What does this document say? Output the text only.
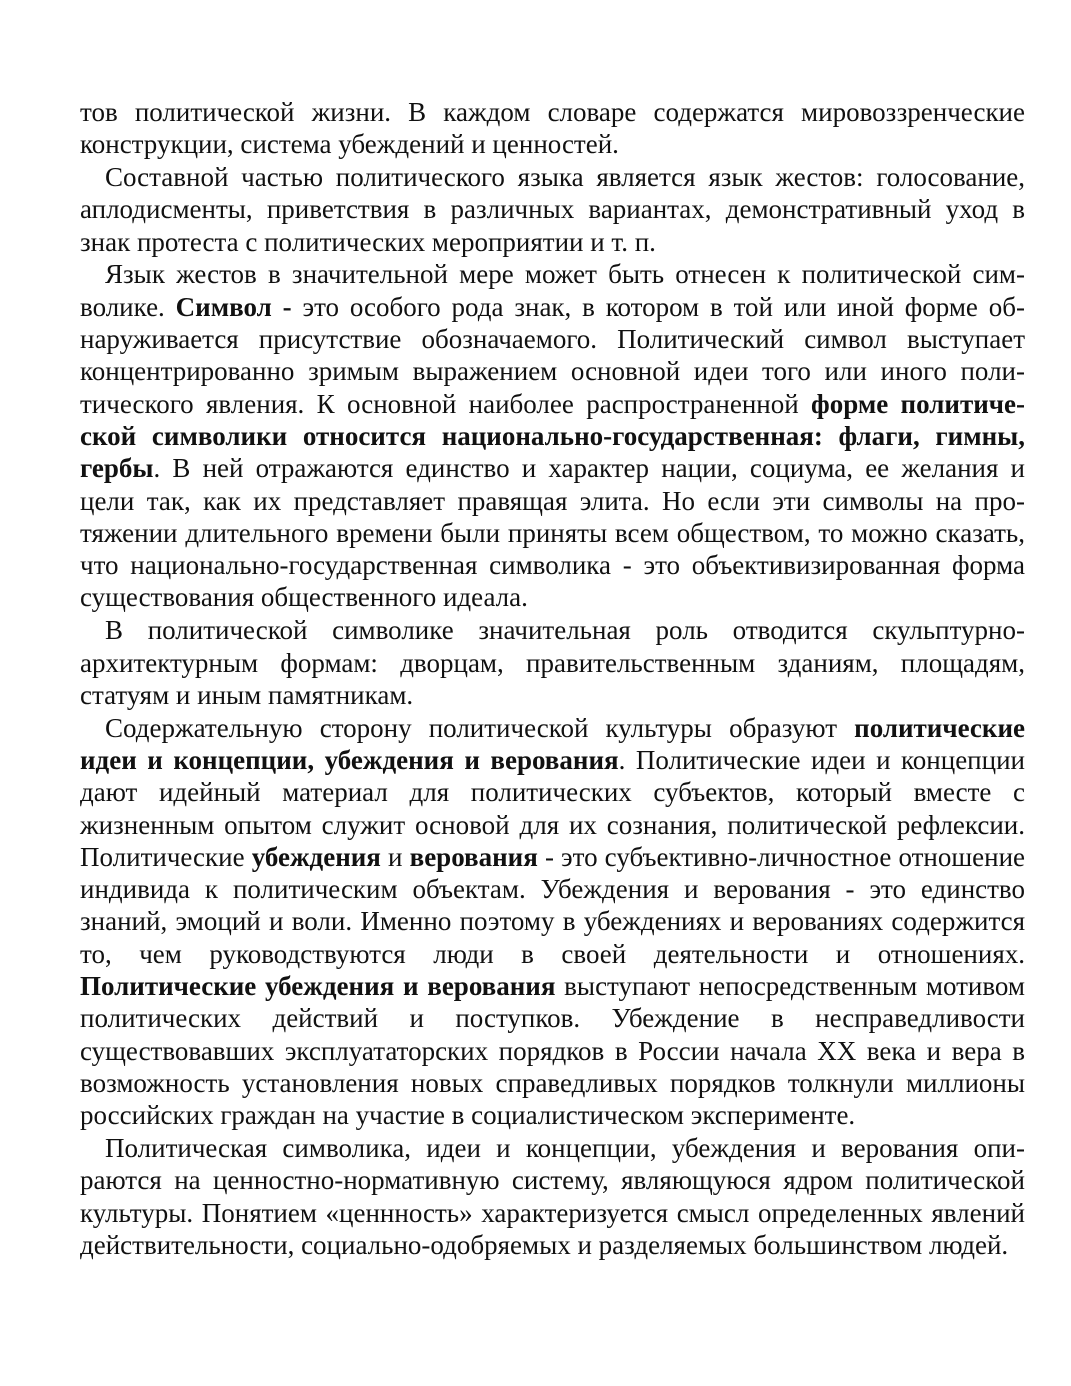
тов политической жизни. В каждом словаре содержатся мировоззренческие конструкции, система убеждений и ценностей.

Составной частью политического языка является язык жестов: голосование, аплодисменты, приветствия в различных вариантах, демонстративный уход в знак протеста с политических мероприятии и т. п.

Язык жестов в значительной мере может быть отнесен к политической символике. Символ - это особого рода знак, в котором в той или иной форме обнаруживается присутствие обозначаемого. Политический символ выступает концентрированно зримым выражением основной идеи того или иного политического явления. К основной наиболее распространенной форме политической символики относится национально-государственная: флаги, гимны, гербы. В ней отражаются единство и характер нации, социума, ее желания и цели так, как их представляет правящая элита. Но если эти символы на протяжении длительного времени были приняты всем обществом, то можно сказать, что национально-государственная символика - это объективизированная форма существования общественного идеала.

В политической символике значительная роль отводится скульптурно-архитектурным формам: дворцам, правительственным зданиям, площадям, статуям и иным памятникам.

Содержательную сторону политической культуры образуют политические идеи и концепции, убеждения и верования. Политические идеи и концепции дают идейный материал для политических субъектов, который вместе с жизненным опытом служит основой для их сознания, политической рефлексии. Политические убеждения и верования - это субъективно-личностное отношение индивида к политическим объектам. Убеждения и верования - это единство знаний, эмоций и воли. Именно поэтому в убеждениях и верованиях содержится то, чем руководствуются люди в своей деятельности и отношениях. Политические убеждения и верования выступают непосредственным мотивом политических действий и поступков. Убеждение в несправедливости существовавших эксплуататорских порядков в России начала XX века и вера в возможность установления новых справедливых порядков толкнули миллионы российских граждан на участие в социалистическом эксперименте.

Политическая символика, идеи и концепции, убеждения и верования опираются на ценностно-нормативную систему, являющуюся ядром политической культуры. Понятием «ценнность» характеризуется смысл определенных явлений действительности, социально-одобряемых и разделяемых большинством людей.
